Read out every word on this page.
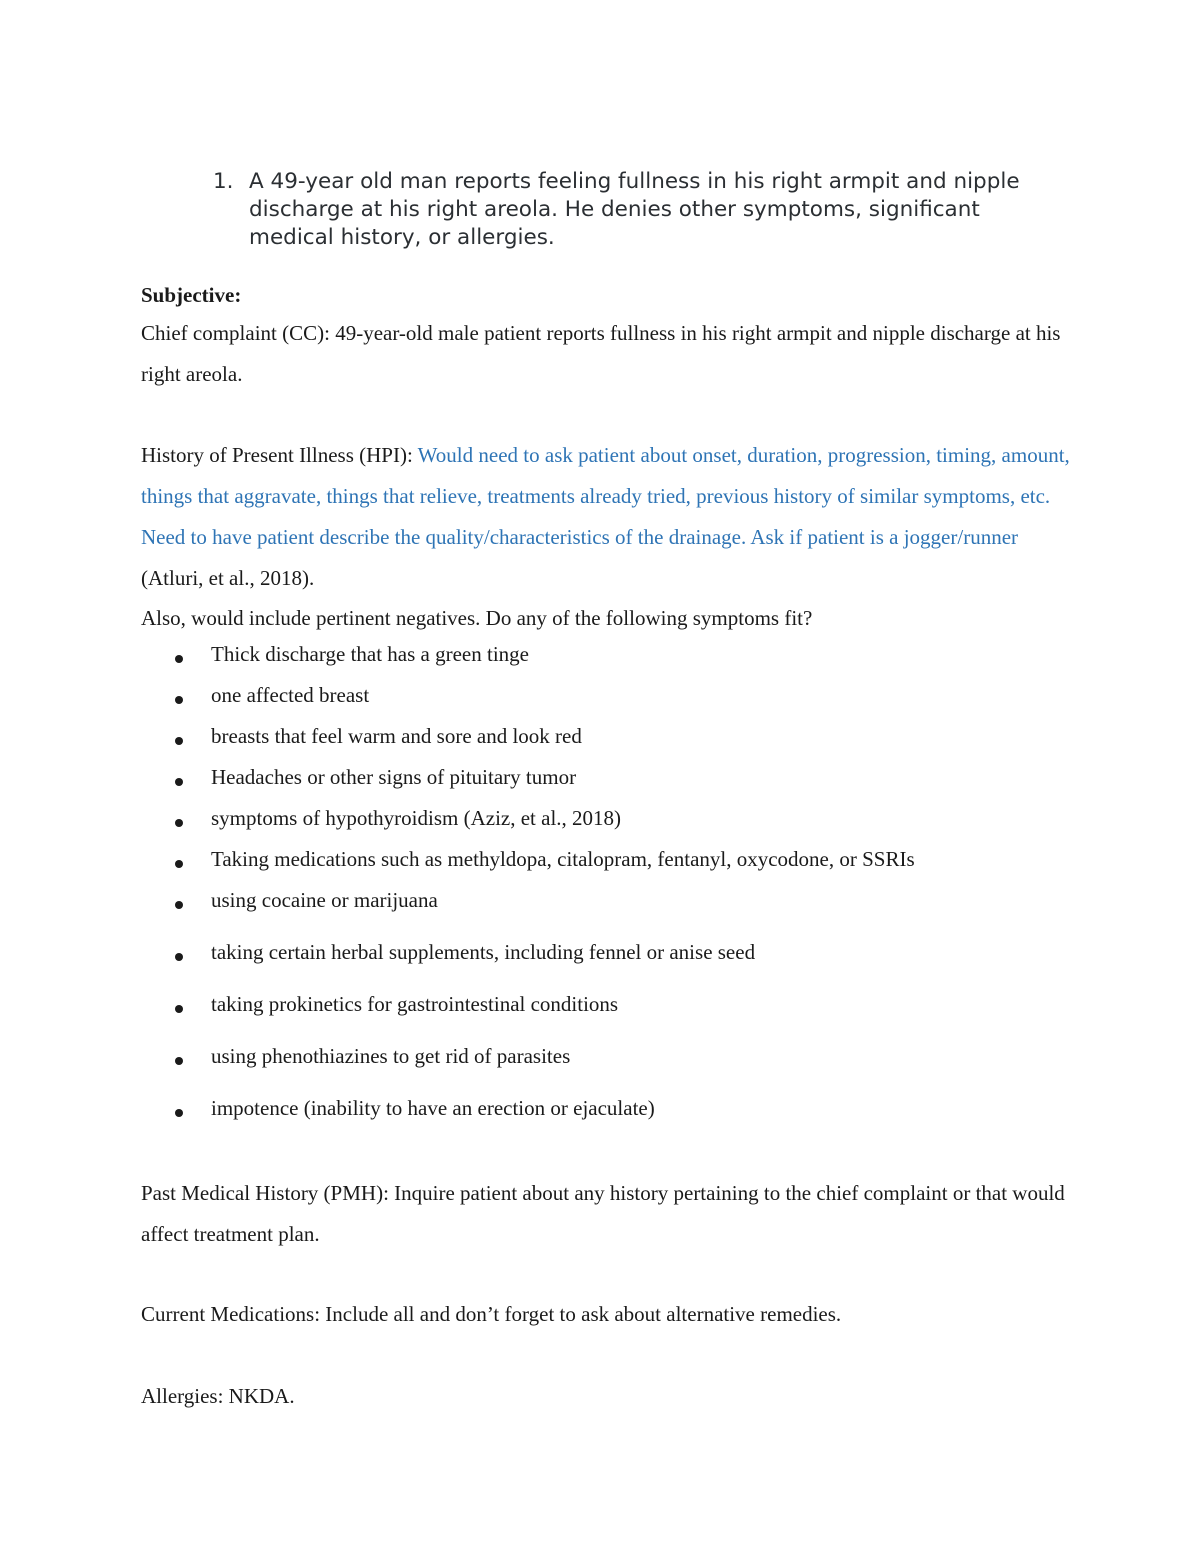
1. A 49-year old man reports feeling fullness in his right armpit and nipple discharge at his right areola. He denies other symptoms, significant medical history, or allergies.
Subjective:
Chief complaint (CC): 49-year-old male patient reports fullness in his right armpit and nipple discharge at his right areola.
History of Present Illness (HPI): Would need to ask patient about onset, duration, progression, timing, amount, things that aggravate, things that relieve, treatments already tried, previous history of similar symptoms, etc. Need to have patient describe the quality/characteristics of the drainage. Ask if patient is a jogger/runner (Atluri, et al., 2018).
Also, would include pertinent negatives. Do any of the following symptoms fit?
Thick discharge that has a green tinge
one affected breast
breasts that feel warm and sore and look red
Headaches or other signs of pituitary tumor
symptoms of hypothyroidism (Aziz, et al., 2018)
Taking medications such as methyldopa, citalopram, fentanyl, oxycodone, or SSRIs
using cocaine or marijuana
taking certain herbal supplements, including fennel or anise seed
taking prokinetics for gastrointestinal conditions
using phenothiazines to get rid of parasites
impotence (inability to have an erection or ejaculate)
Past Medical History (PMH): Inquire patient about any history pertaining to the chief complaint or that would affect treatment plan.
Current Medications: Include all and don’t forget to ask about alternative remedies.
Allergies: NKDA.
